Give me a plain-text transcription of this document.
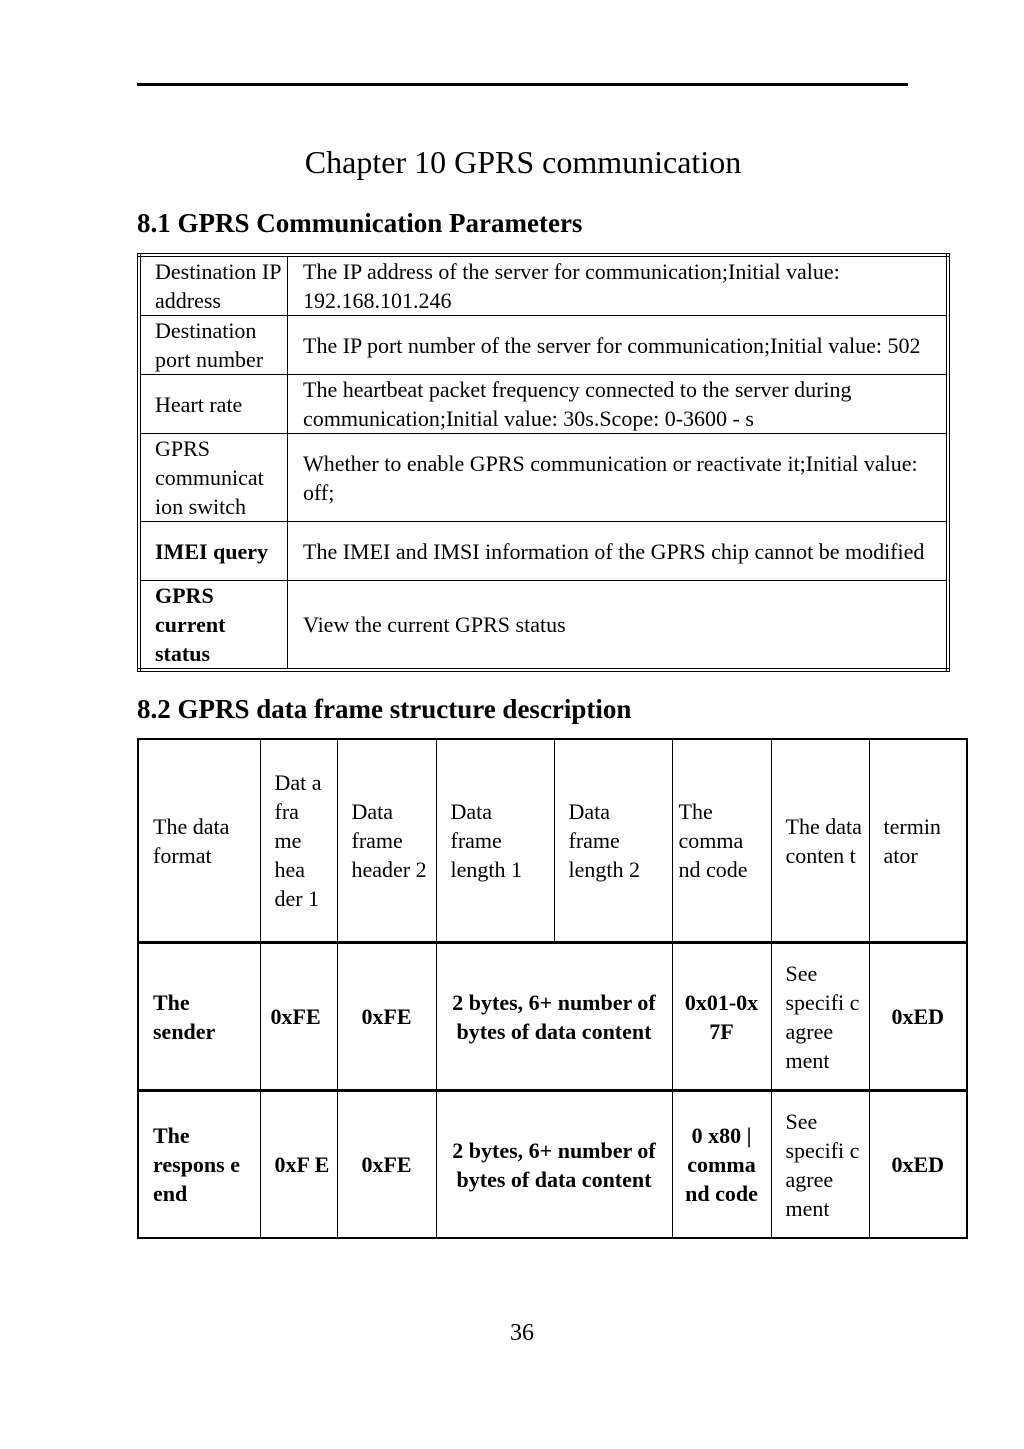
Chapter 10 GPRS communication
8.1 GPRS Communication Parameters
Destination IP address	The IP address of the server for communication;Initial value: 192.168.101.246
Destination port number	The IP port number of the server for communication;Initial value: 502
Heart rate	The heartbeat packet frequency connected to the server during communication;Initial value: 30s.Scope: 0-3600 - s
GPRS communicat ion switch	Whether to enable GPRS communication or reactivate it;Initial value: off;
IMEI query	The IMEI and IMSI information of the GPRS chip cannot be modified
GPRS current status	View the current GPRS status
8.2 GPRS data frame structure description
The data format	Dat a fra me hea der 1	Data frame header 2	Data frame length 1	Data frame length 2	The comma nd code	The data conten t	termin ator
The sender	0xFE	0xFE	2 bytes, 6+ number of bytes of data content		0x01-0x 7F	See specifi c agree ment	0xED
The respons e end	0xF E	0xFE	2 bytes, 6+ number of bytes of data content		0 x80 | comma nd code	See specifi c agree ment	0xED
36
